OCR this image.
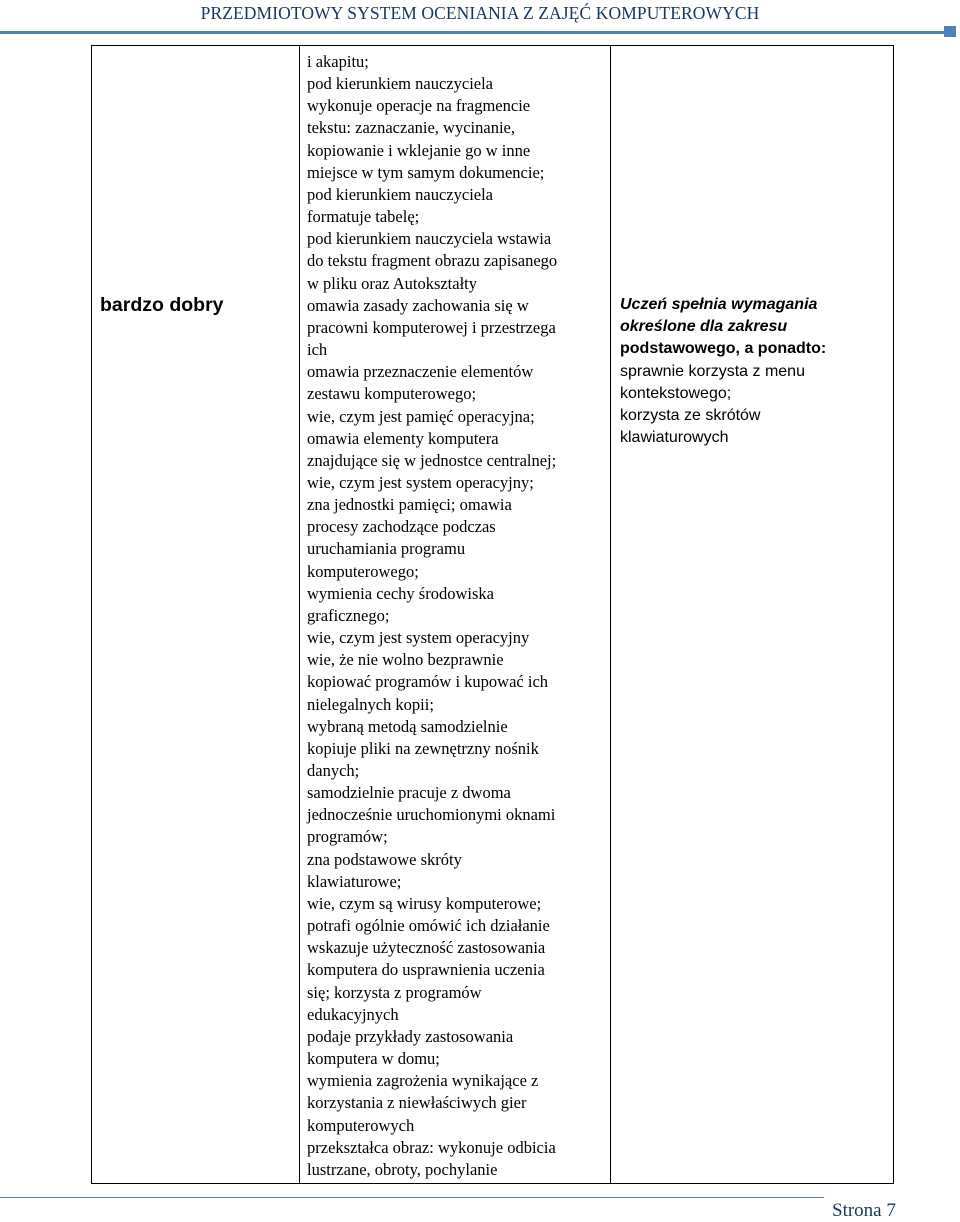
PRZEDMIOTOWY SYSTEM OCENIANIA Z ZAJĘĆ KOMPUTEROWYCH
bardzo dobry
i akapitu;
pod kierunkiem nauczyciela
wykonuje operacje na fragmencie
tekstu: zaznaczanie, wycinanie,
kopiowanie i wklejanie go w inne
miejsce w tym samym dokumencie;
pod kierunkiem nauczyciela
formatuje tabelę;
pod kierunkiem nauczyciela wstawia
do tekstu fragment obrazu zapisanego
w pliku oraz Autokształty
omawia zasady zachowania się w
pracowni komputerowej i przestrzega
ich
omawia przeznaczenie elementów
zestawu komputerowego;
wie, czym jest pamięć operacyjna;
omawia elementy komputera
znajdujące się w jednostce centralnej;
wie, czym jest system operacyjny;
zna jednostki pamięci; omawia
procesy zachodzące podczas
uruchamiania programu
komputerowego;
wymienia cechy środowiska
graficznego;
wie, czym jest system operacyjny
wie, że nie wolno bezprawnie
kopiować programów i kupować ich
nielegalnych kopii;
wybraną metodą samodzielnie
kopiuje pliki na zewnętrzny nośnik
danych;
samodzielnie pracuje z dwoma
jednocześnie uruchomionymi oknami
programów;
zna podstawowe skróty
klawiaturowe;
wie, czym są wirusy komputerowe;
potrafi ogólnie omówić ich działanie
wskazuje użyteczność zastosowania
komputera do usprawnienia uczenia
się; korzysta z programów
edukacyjnych
podaje przykłady zastosowania
komputera w domu;
wymienia zagrożenia wynikające z
korzystania z niewłaściwych gier
komputerowych
przekształca obraz: wykonuje odbicia
lustrzane, obroty, pochylanie
Uczeń spełnia wymagania
określone dla zakresu
podstawowego, a ponadto:
sprawnie korzysta z menu
kontekstowego;
korzysta ze skrótów
klawiaturowych
Strona 7
